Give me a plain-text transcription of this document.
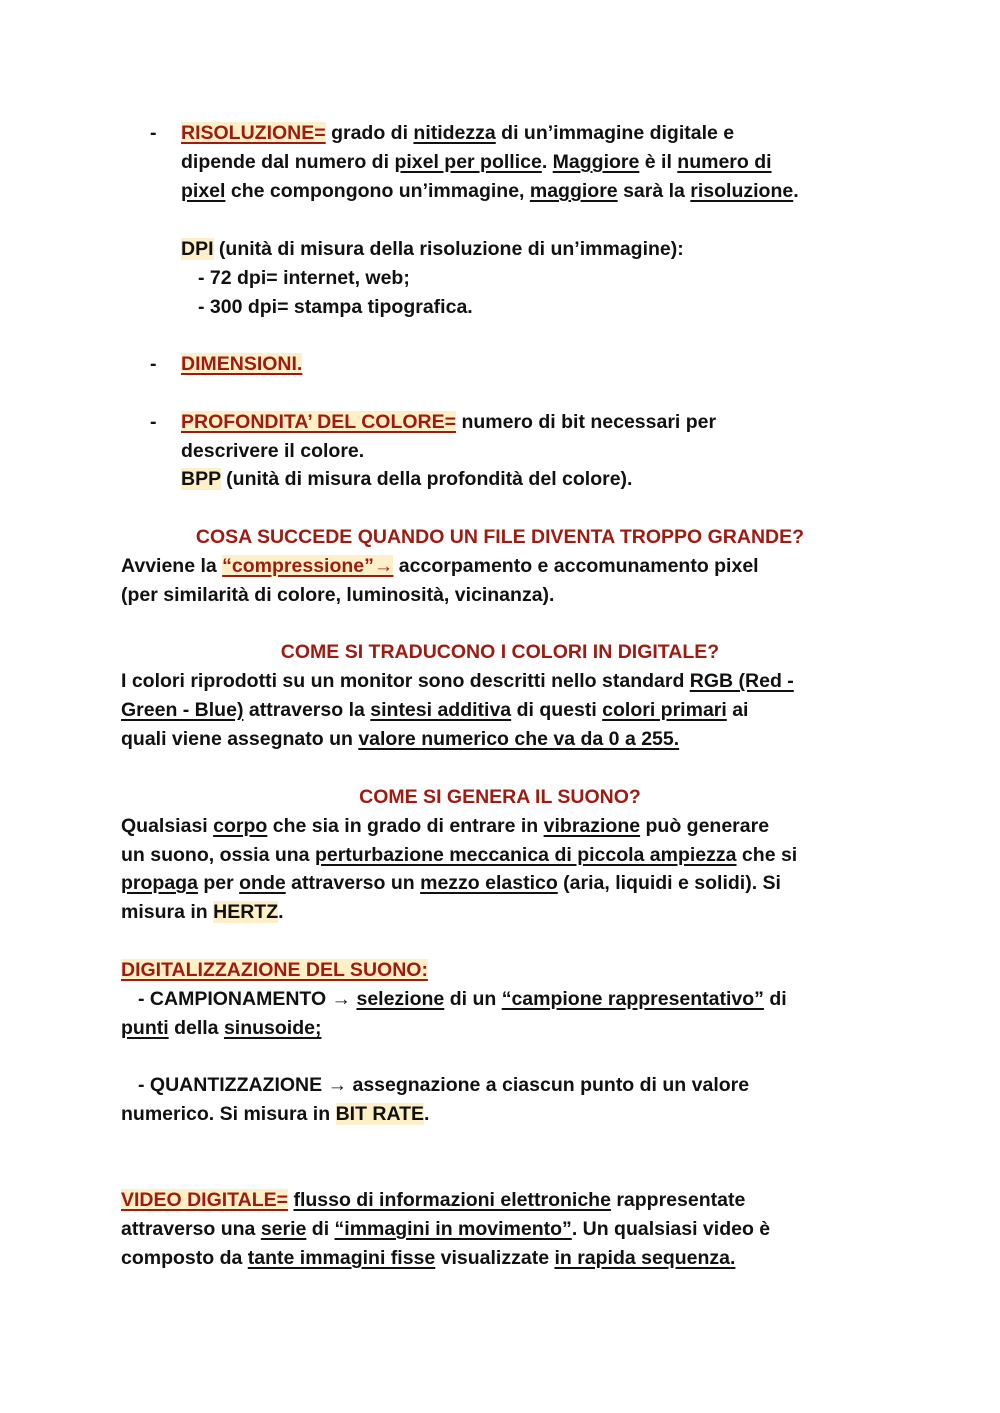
- RISOLUZIONE= grado di nitidezza di un’immagine digitale e
dipende dal numero di pixel per pollice. Maggiore è il numero di
pixel che compongono un’immagine, maggiore sarà la risoluzione.
DPI (unità di misura della risoluzione di un’immagine):
- 72 dpi= internet, web;
- 300 dpi= stampa tipografica.
- DIMENSIONI.
- PROFONDITA’ DEL COLORE= numero di bit necessari per
descrivere il colore.
BPP (unità di misura della profondità del colore).
COSA SUCCEDE QUANDO UN FILE DIVENTA TROPPO GRANDE?
Avviene la “compressione”→ accorpamento e accomunamento pixel
(per similarità di colore, luminosità, vicinanza).
COME SI TRADUCONO I COLORI IN DIGITALE?
I colori riprodotti su un monitor sono descritti nello standard RGB (Red -
Green - Blue) attraverso la sintesi additiva di questi colori primari ai
quali viene assegnato un valore numerico che va da 0 a 255.
COME SI GENERA IL SUONO?
Qualsiasi corpo che sia in grado di entrare in vibrazione può generare
un suono, ossia una perturbazione meccanica di piccola ampiezza che si
propaga per onde attraverso un mezzo elastico (aria, liquidi e solidi). Si
misura in HERTZ.
DIGITALIZZAZIONE DEL SUONO:
- CAMPIONAMENTO → selezione di un “campione rappresentativo” di
punti della sinusoide;
- QUANTIZZAZIONE → assegnazione a ciascun punto di un valore
numerico. Si misura in BIT RATE.
VIDEO DIGITALE= flusso di informazioni elettroniche rappresentate
attraverso una serie di “immagini in movimento”. Un qualsiasi video è
composto da tante immagini fisse visualizzate in rapida sequenza.
